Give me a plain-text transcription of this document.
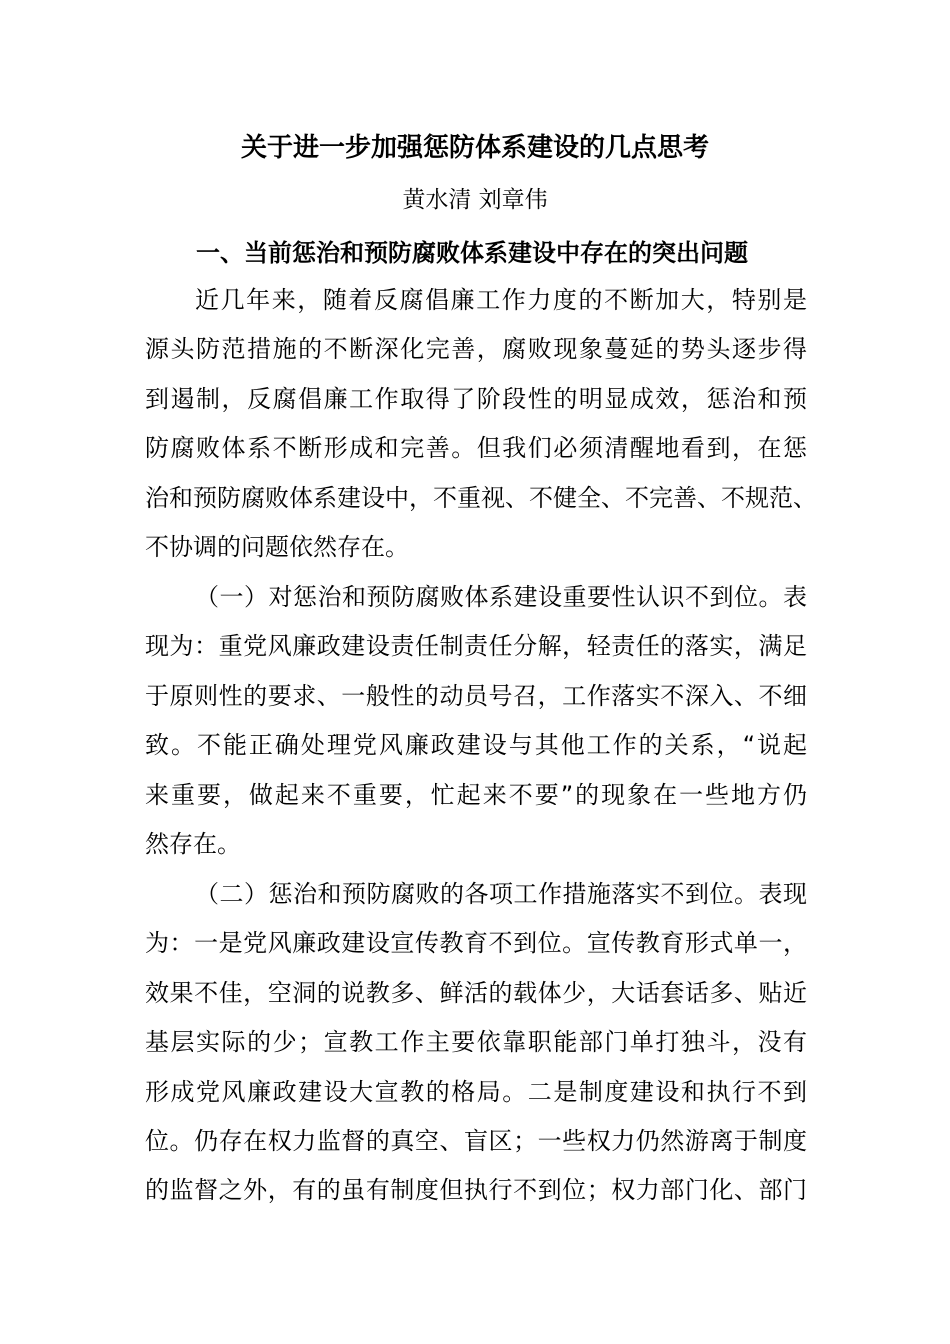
关于进一步加强惩防体系建设的几点思考
黄水清 刘章伟
一、当前惩治和预防腐败体系建设中存在的突出问题
近几年来，随着反腐倡廉工作力度的不断加大，特别是
源头防范措施的不断深化完善，腐败现象蔓延的势头逐步得
到遏制，反腐倡廉工作取得了阶段性的明显成效，惩治和预
防腐败体系不断形成和完善。但我们必须清醒地看到，在惩
治和预防腐败体系建设中，不重视、不健全、不完善、不规范、
不协调的问题依然存在。
（一）对惩治和预防腐败体系建设重要性认识不到位。表
现为：重党风廉政建设责任制责任分解，轻责任的落实，满足
于原则性的要求、一般性的动员号召，工作落实不深入、不细
致。不能正确处理党风廉政建设与其他工作的关系，“说起
来重要，做起来不重要，忙起来不要”的现象在一些地方仍
然存在。
（二）惩治和预防腐败的各项工作措施落实不到位。表现
为：一是党风廉政建设宣传教育不到位。宣传教育形式单一，
效果不佳，空洞的说教多、鲜活的载体少，大话套话多、贴近
基层实际的少；宣教工作主要依靠职能部门单打独斗，没有
形成党风廉政建设大宣教的格局。二是制度建设和执行不到
位。仍存在权力监督的真空、盲区；一些权力仍然游离于制度
的监督之外，有的虽有制度但执行不到位；权力部门化、部门
